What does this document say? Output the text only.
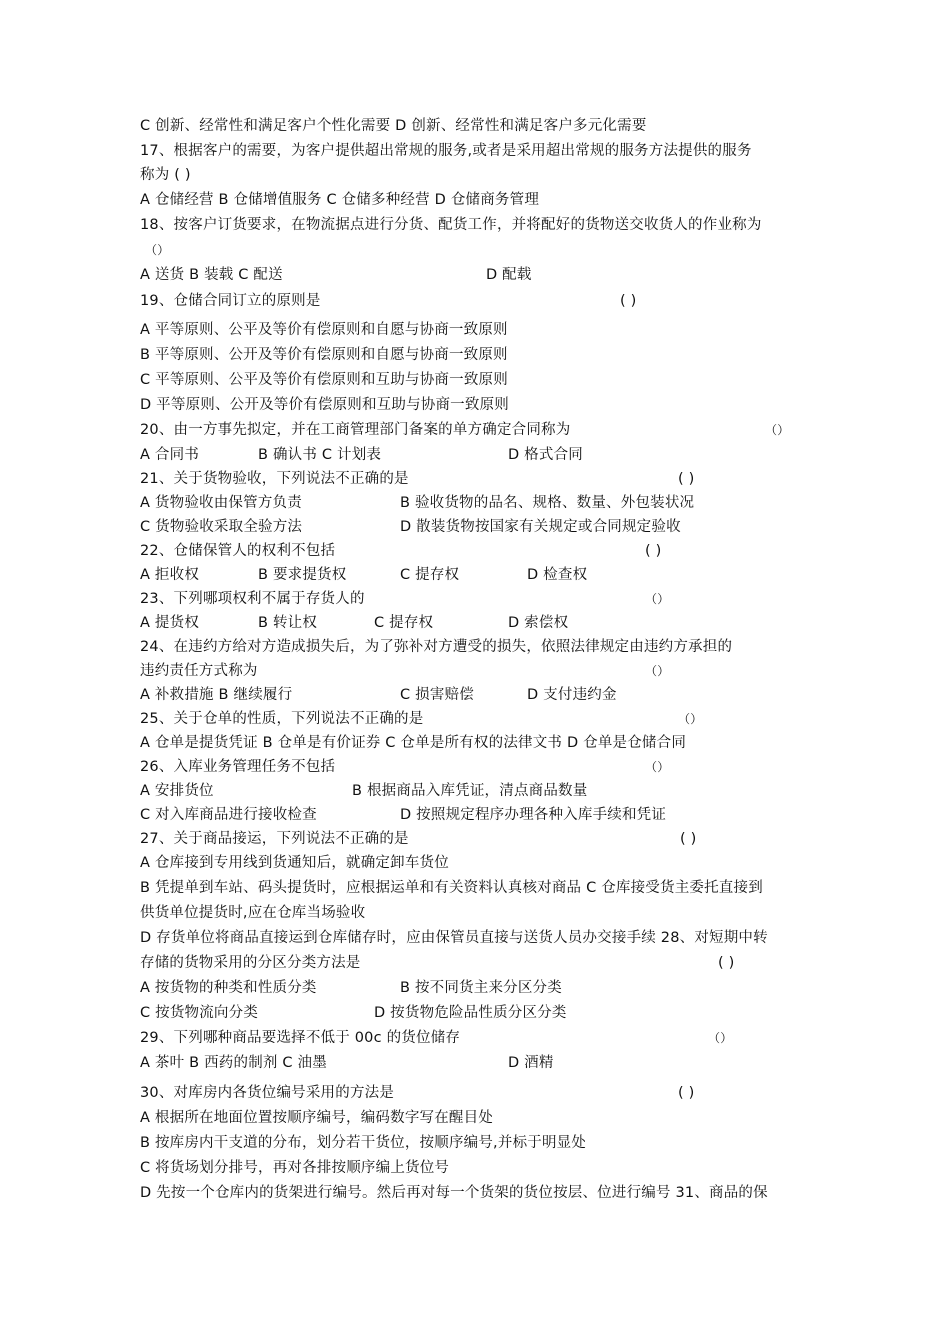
C 创新、经常性和满足客户个性化需要 D 创新、经常性和满足客户多元化需要
17、根据客户的需要，为客户提供超出常规的服务,或者是采用超出常规的服务方法提供的服务
称为 ( )
A 仓储经营 B 仓储增值服务 C 仓储多种经营 D 仓储商务管理
18、按客户订货要求，在物流据点进行分货、配货工作，并将配好的货物送交收货人的作业称为
（）
A 送货 B 装载 C 配送	D 配载
19、仓储合同订立的原则是	( )
A 平等原则、公平及等价有偿原则和自愿与协商一致原则
B 平等原则、公开及等价有偿原则和自愿与协商一致原则
C 平等原则、公平及等价有偿原则和互助与协商一致原则
D 平等原则、公开及等价有偿原则和互助与协商一致原则
20、由一方事先拟定，并在工商管理部门备案的单方确定合同称为	（）
A 合同书	B 确认书 C 计划表	D 格式合同
21、关于货物验收，下列说法不正确的是	( )
A 货物验收由保管方负责	B 验收货物的品名、规格、数量、外包装状况
C 货物验收采取全验方法	D 散装货物按国家有关规定或合同规定验收
22、仓储保管人的权利不包括	( )
A 拒收权	B 要求提货权	C 提存权	D 检查权
23、下列哪项权利不属于存货人的	（）
A 提货权	B 转让权	C 提存权	D 索偿权
24、在违约方给对方造成损失后，为了弥补对方遭受的损失，依照法律规定由违约方承担的
违约责任方式称为	（）
A 补救措施 B 继续履行	C 损害赔偿	D 支付违约金
25、关于仓单的性质，下列说法不正确的是	（）
A 仓单是提货凭证 B 仓单是有价证券 C 仓单是所有权的法律文书 D 仓单是仓储合同
26、入库业务管理任务不包括	（）
A 安排货位	B 根据商品入库凭证，清点商品数量
C 对入库商品进行接收检查	D 按照规定程序办理各种入库手续和凭证
27、关于商品接运，下列说法不正确的是	( )
A 仓库接到专用线到货通知后，就确定卸车货位
B 凭提单到车站、码头提货时，应根据运单和有关资料认真核对商品 C 仓库接受货主委托直接到
供货单位提货时,应在仓库当场验收
D 存货单位将商品直接运到仓库储存时，应由保管员直接与送货人员办交接手续 28、对短期中转
存储的货物采用的分区分类方法是	( )
A 按货物的种类和性质分类	B 按不同货主来分区分类
C 按货物流向分类	D 按货物危险品性质分区分类
29、下列哪种商品要选择不低于 00c 的货位储存	（）
A 茶叶 B 西药的制剂 C 油墨	D 酒精
30、对库房内各货位编号采用的方法是	( )
A 根据所在地面位置按顺序编号，编码数字写在醒目处
B 按库房内干支道的分布，划分若干货位，按顺序编号,并标于明显处
C 将货场划分排号，再对各排按顺序编上货位号
D 先按一个仓库内的货架进行编号。然后再对每一个货架的货位按层、位进行编号 31、商品的保
